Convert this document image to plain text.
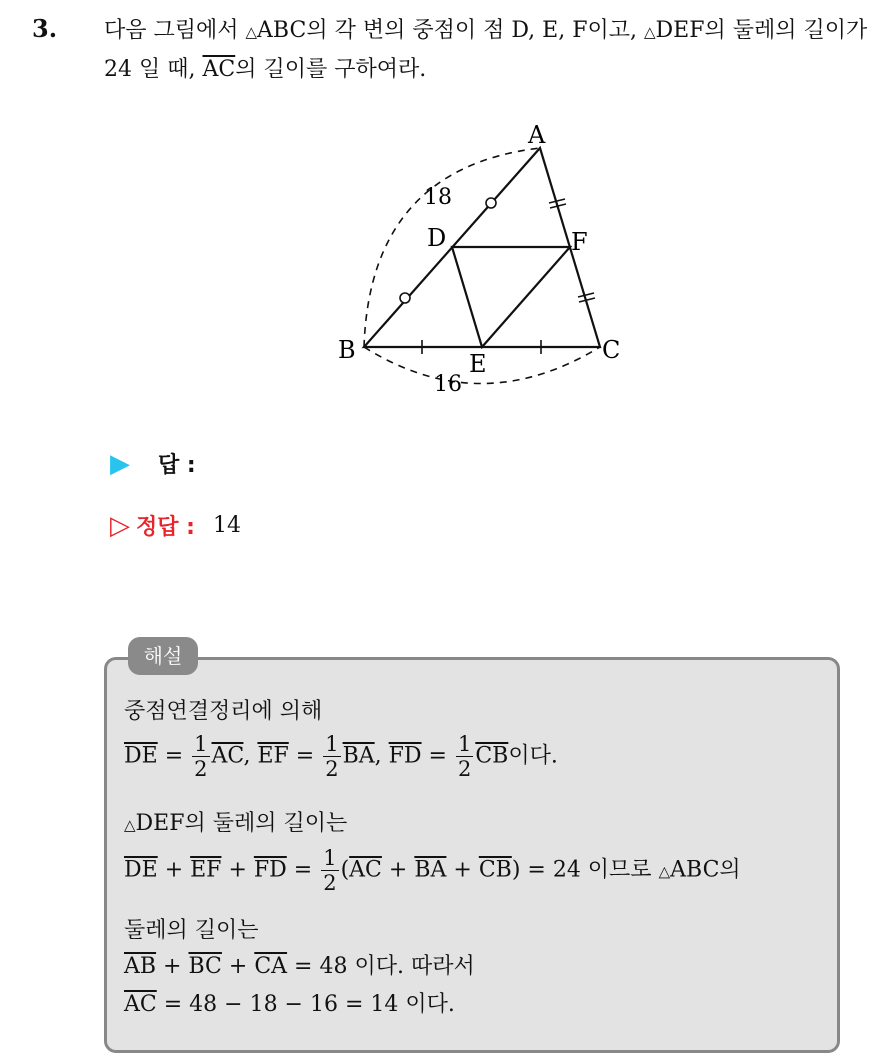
3. 다음 그림에서 △ABC의 각 변의 중점이 점 D, E, F이고, △DEF의 둘레의 길이가 24 일 때, $\overline{AC}$의 길이를 구하여라.
A
B	C
D
E
F
18
16
▶ 답 :
▷ 정답 : 14
해설
중점연결정리에 의해
$\overline{DE} = \frac{1}{2} \overline{AC}$, $\overline{EF} = \frac{1}{2} \overline{BA}$, $\overline{FD} = \frac{1}{2} \overline{CB}$이다.
△DEF의 둘레의 길이는
$\overline{DE} + \overline{EF} + \overline{FD} = \frac{1}{2} (\overline{AC} + \overline{BA} + \overline{CB}) = 24$ 이므로 △ABC의
둘레의 길이는
$\overline{AB} + \overline{BC} + \overline{CA} = 48$ 이다. 따라서
$\overline{AC} = 48 - 18 - 16 = 14$ 이다.
